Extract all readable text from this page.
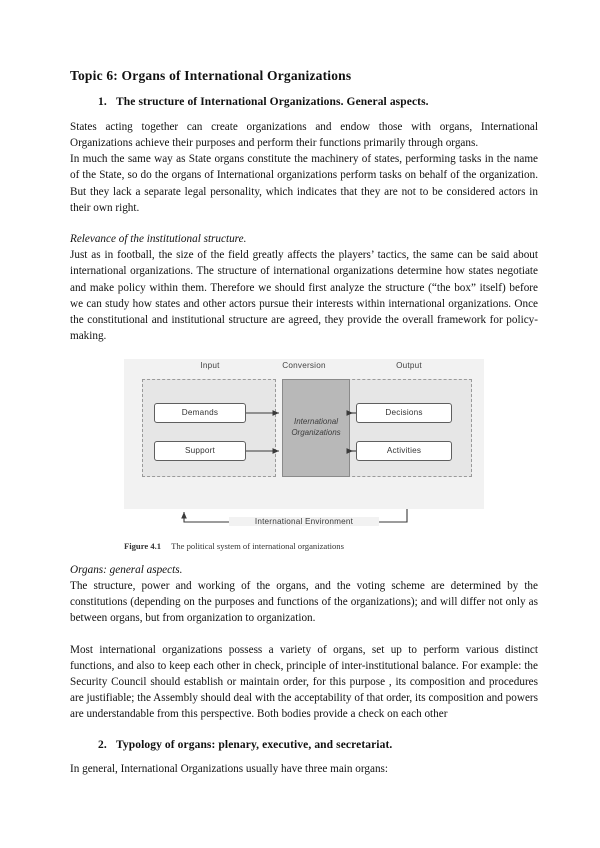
Topic 6: Organs of International Organizations
1. The structure of International Organizations. General aspects.

States acting together can create organizations and endow those with organs, International Organizations achieve their purposes and perform their functions primarily through organs.

In much the same way as State organs constitute the machinery of states, performing tasks in the name of the State, so do the organs of International organizations perform tasks on behalf of the organization. But they lack a separate legal personality, which indicates that they are not to be considered actors in their own right.

Relevance of the institutional structure.

Just as in football, the size of the field greatly affects the players’ tactics, the same can be said about international organizations. The structure of international organizations determine how states negotiate and make policy within them. Therefore we should first analyze the structure (“the box” itself) before we can study how states and other actors pursue their interests within international organizations. Once the constitutional and institutional structure are agreed, they provide the overall framework for policy-making.

Input	Conversion	Output
International Organizations
Demands
Support
Decisions
Activities
International Environment
Figure 4.1 The political system of international organizations

Organs: general aspects.

The structure, power and working of the organs, and the voting scheme are determined by the constitutions (depending on the purposes and functions of the organizations); and will differ not only as between organs, but from organization to organization.

Most international organizations possess a variety of organs, set up to perform various distinct functions, and also to keep each other in check, principle of inter-institutional balance. For example: the Security Council should establish or maintain order, for this purpose , its composition and procedures are justifiable; the Assembly should deal with the acceptability of that order, its composition and powers are understandable from this perspective. Both bodies provide a check on each other

2. Typology of organs: plenary, executive, and secretariat.

In general, International Organizations usually have three main organs:
